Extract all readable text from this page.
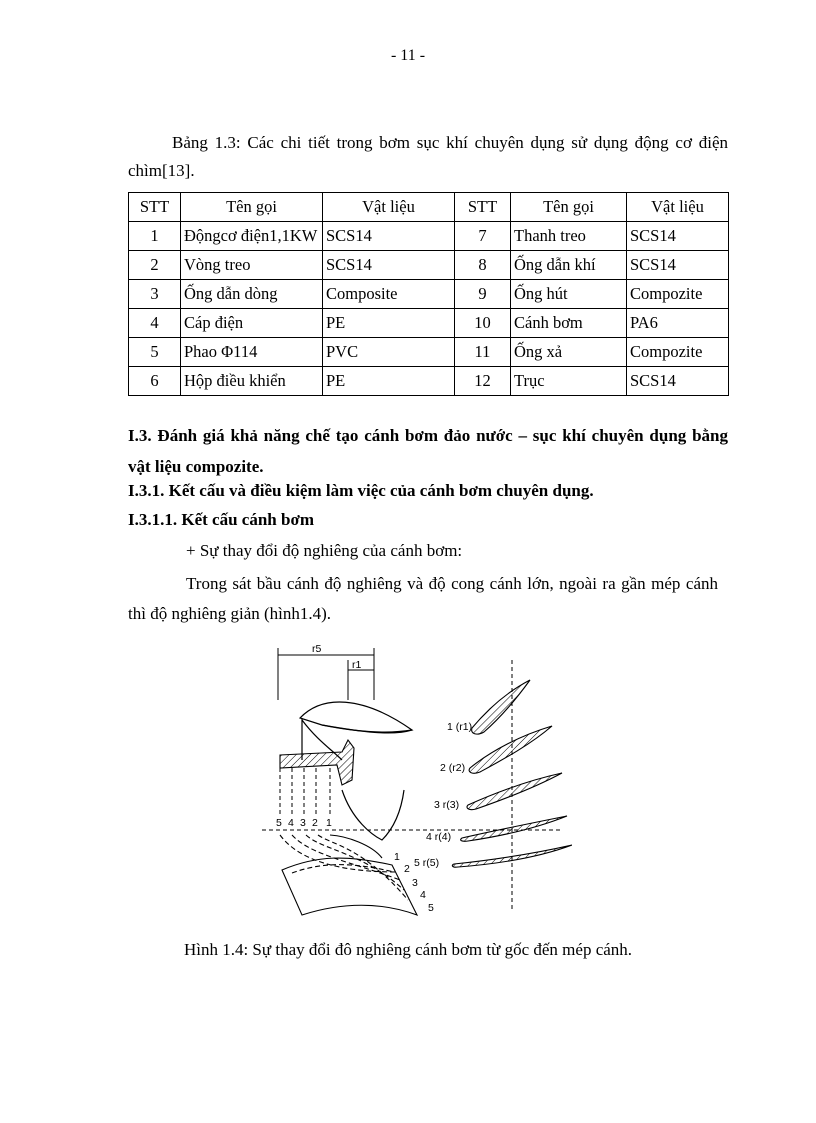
- 11 -
Bảng 1.3: Các chi tiết trong bơm sục khí chuyên dụng sử dụng động cơ điện chìm[13].
STT	Tên gọi	Vật liệu	STT	Tên gọi	Vật liệu
1	Độngcơ điện1,1KW	SCS14	7	Thanh treo	SCS14
2	Vòng treo	SCS14	8	Ống dẫn khí	SCS14
3	Ống dẫn dòng	Composite	9	Ống hút	Compozite
4	Cáp điện	PE	10	Cánh bơm	PA6
5	Phao Φ114	PVC	11	Ống xả	Compozite
6	Hộp điều khiển	PE	12	Trục	SCS14
I.3. Đánh giá khả năng chế tạo cánh bơm đảo nước – sục khí chuyên dụng bằng vật liệu compozite.
I.3.1. Kết cấu và điều kiệm làm việc của cánh bơm chuyên dụng.
I.3.1.1. Kết cấu cánh bơm
+ Sự thay đổi độ nghiêng của cánh bơm:
Trong sát bầu cánh độ nghiêng và độ cong cánh lớn, ngoài ra gần mép cánh thì độ nghiêng giản (hình1.4).
r5
r1
5 4 3 2 1
1
2
3
4
5
1 (r1)
2 (r2)
3 r(3)
4 r(4)
5 r(5)
Hình 1.4: Sự thay đổi đô nghiêng cánh bơm từ gốc đến mép cánh.
